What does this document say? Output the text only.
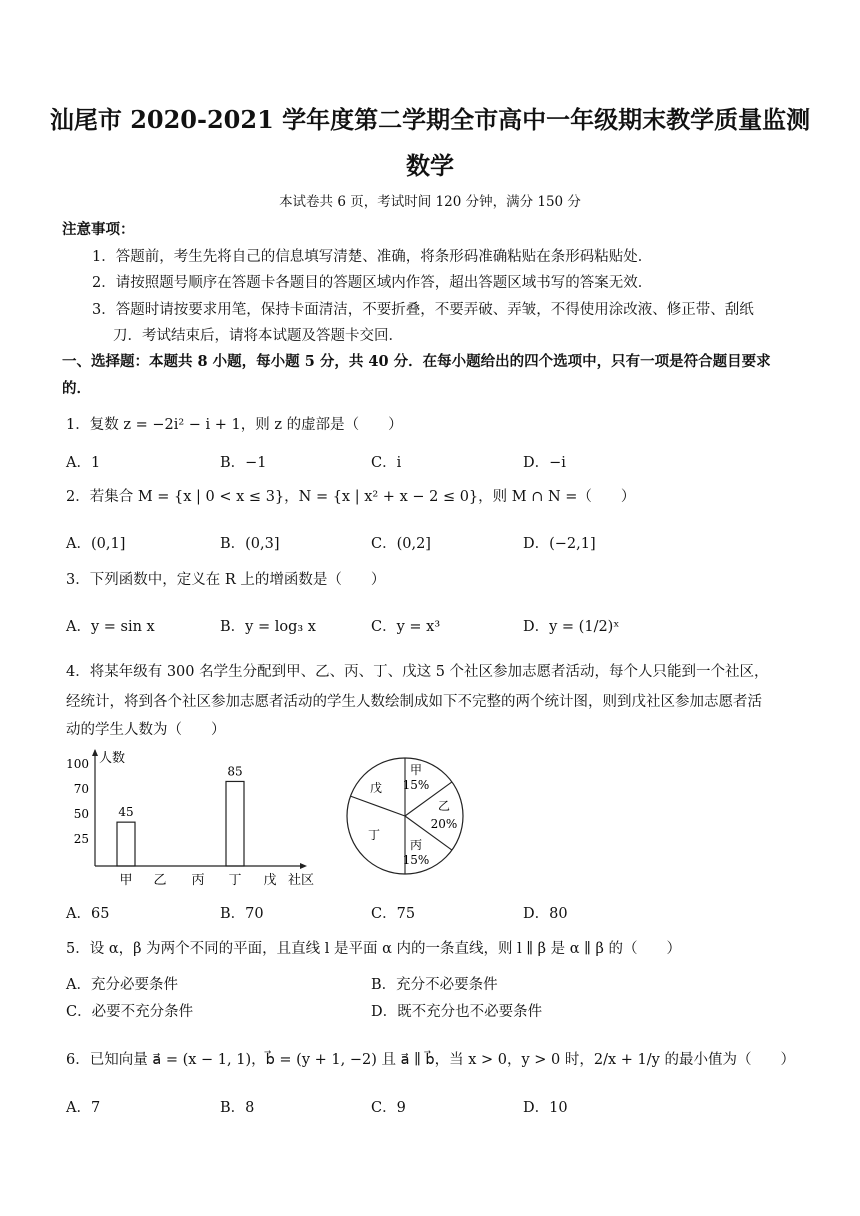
汕尾市 2020-2021 学年度第二学期全市高中一年级期末教学质量监测
数学
本试卷共 6 页，考试时间 120 分钟，满分 150 分
注意事项：
1．答题前，考生先将自己的信息填写清楚、准确，将条形码准确粘贴在条形码粘贴处．
2．请按照题号顺序在答题卡各题目的答题区域内作答，超出答题区域书写的答案无效．
3．答题时请按要求用笔，保持卡面清洁，不要折叠，不要弄破、弄皱，不得使用涂改液、修正带、刮纸
刀．考试结束后，请将本试题及答题卡交回．
一、选择题：本题共 8 小题，每小题 5 分，共 40 分．在每小题给出的四个选项中，只有一项是符合题目要求
的．
1．复数 z = −2i² − i + 1，则 z 的虚部是（　　）
A．1	B．−1	C．i	D．−i
2．若集合 M = {x | 0 < x ≤ 3}，N = {x | x² + x − 2 ≤ 0}，则 M ∩ N =（　　）
A．(0,1]	B．(0,3]	C．(0,2]	D．(−2,1]
3．下列函数中，定义在 R 上的增函数是（　　）
A．y = sin x	B．y = log₃ x	C．y = x³	D．y = (1/2)ˣ
4．将某年级有 300 名学生分配到甲、乙、丙、丁、戊这 5 个社区参加志愿者活动，每个人只能到一个社区，
经统计，将到各个社区参加志愿者活动的学生人数绘制成如下不完整的两个统计图，则到戊社区参加志愿者活
动的学生人数为（　　）
人数
社区
25
50
70
100
甲
45
乙 丙 丁
85
戊
甲
15%
乙
20%
丙
15%
丁
戊
A．65	B．70	C．75	D．80
5．设 α，β 为两个不同的平面，且直线 l 是平面 α 内的一条直线，则 l ∥ β 是 α ∥ β 的（　　）
A．充分必要条件	B．充分不必要条件
C．必要不充分条件	D．既不充分也不必要条件
6．已知向量 a⃗ = (x − 1, 1)，b⃗ = (y + 1, −2) 且 a⃗ ∥ b⃗，当 x > 0，y > 0 时，2/x + 1/y 的最小值为（　　）
A．7	B．8	C．9	D．10
